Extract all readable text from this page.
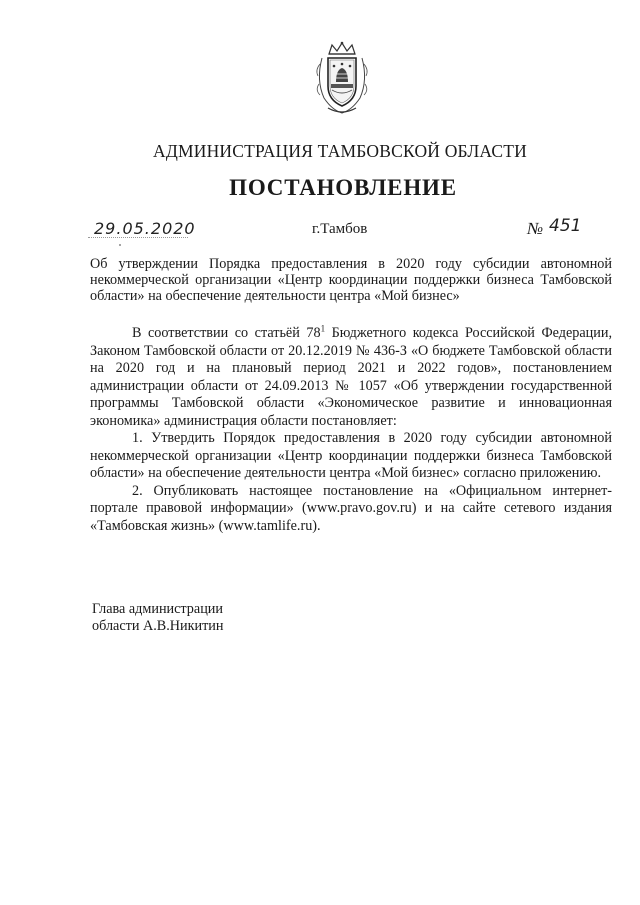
АДМИНИСТРАЦИЯ ТАМБОВСКОЙ ОБЛАСТИ
ПОСТАНОВЛЕНИЕ
29.05.2020	г.Тамбов	№ 451
Об утверждении Порядка предоставления в 2020 году субсидии автономной некоммерческой организации «Центр координации поддержки бизнеса Тамбовской области» на обеспечение деятельности центра «Мой бизнес»

В соответствии со статьёй $78^1$ Бюджетного кодекса Российской Федерации, Законом Тамбовской области от 20.12.2019 № 436-З «О бюджете Тамбовской области на 2020 год и на плановый период 2021 и 2022 годов», постановлением администрации области от 24.09.2013 № 1057 «Об утверждении государственной программы Тамбовской области «Экономическое развитие и инновационная экономика» администрация области постановляет:

1. Утвердить Порядок предоставления в 2020 году субсидии автономной некоммерческой организации «Центр координации поддержки бизнеса Тамбовской области» на обеспечение деятельности центра «Мой бизнес» согласно приложению.

2. Опубликовать настоящее постановление на «Официальном интернет-портале правовой информации» (www.pravo.gov.ru) и на сайте сетевого издания «Тамбовская жизнь» (www.tamlife.ru).

Глава администрации
области А.В.Никитин
